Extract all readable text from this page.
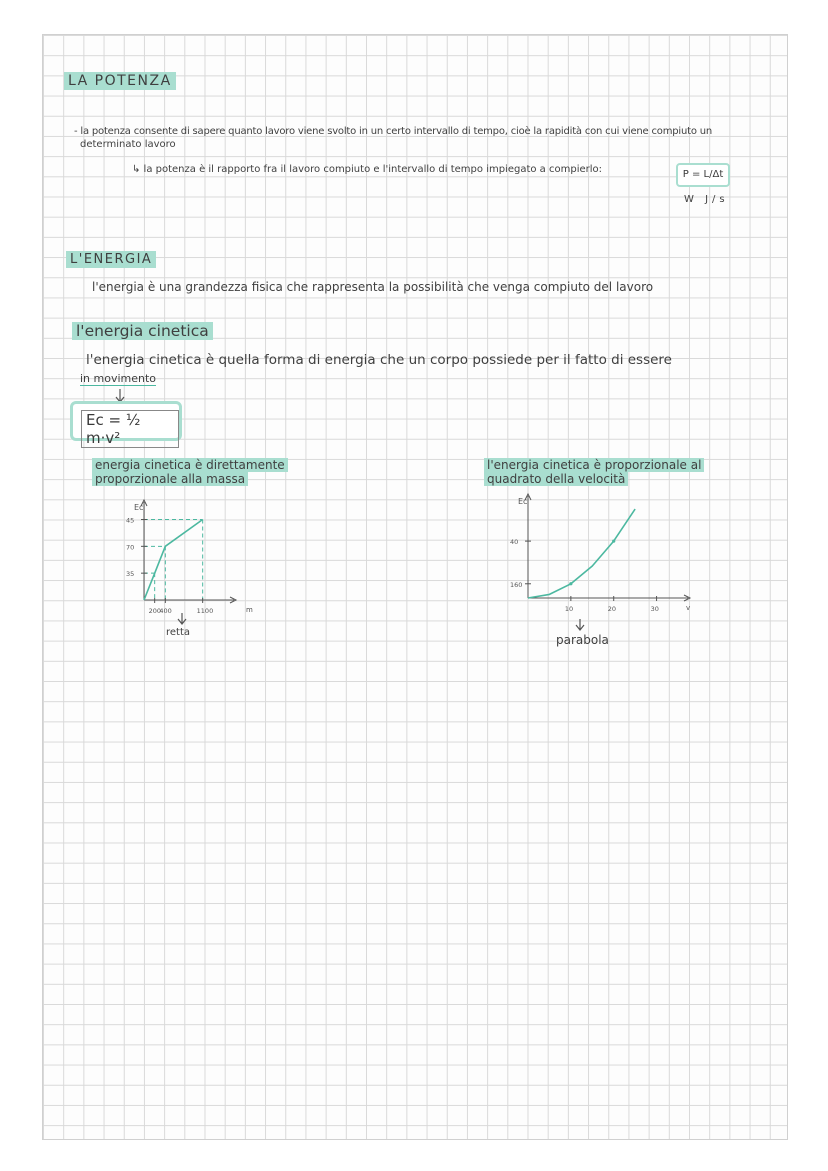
LA POTENZA
- la potenza consente di sapere quanto lavoro viene svolto in un certo intervallo di tempo, cioè la rapidità con cui viene compiuto un
determinato lavoro
↳ la potenza è il rapporto fra il lavoro compiuto e l'intervallo di tempo impiegato a compierlo:	P = L/Δt
W J/s
L'ENERGIA
l'energia è una grandezza fisica che rappresenta la possibilità che venga compiuto del lavoro
l'energia cinetica
l'energia cinetica è quella forma di energia che un corpo possiede per il fatto di essere
in movimento
Ec = ½ m·v²
energia cinetica è direttamente
proporzionale alla massa
l'energia cinetica è proporzionale al
quadrato della velocità
Ec
m
35
70
45
200
400	1100
retta
Ec
v
40
160
10	20	30
parabola
